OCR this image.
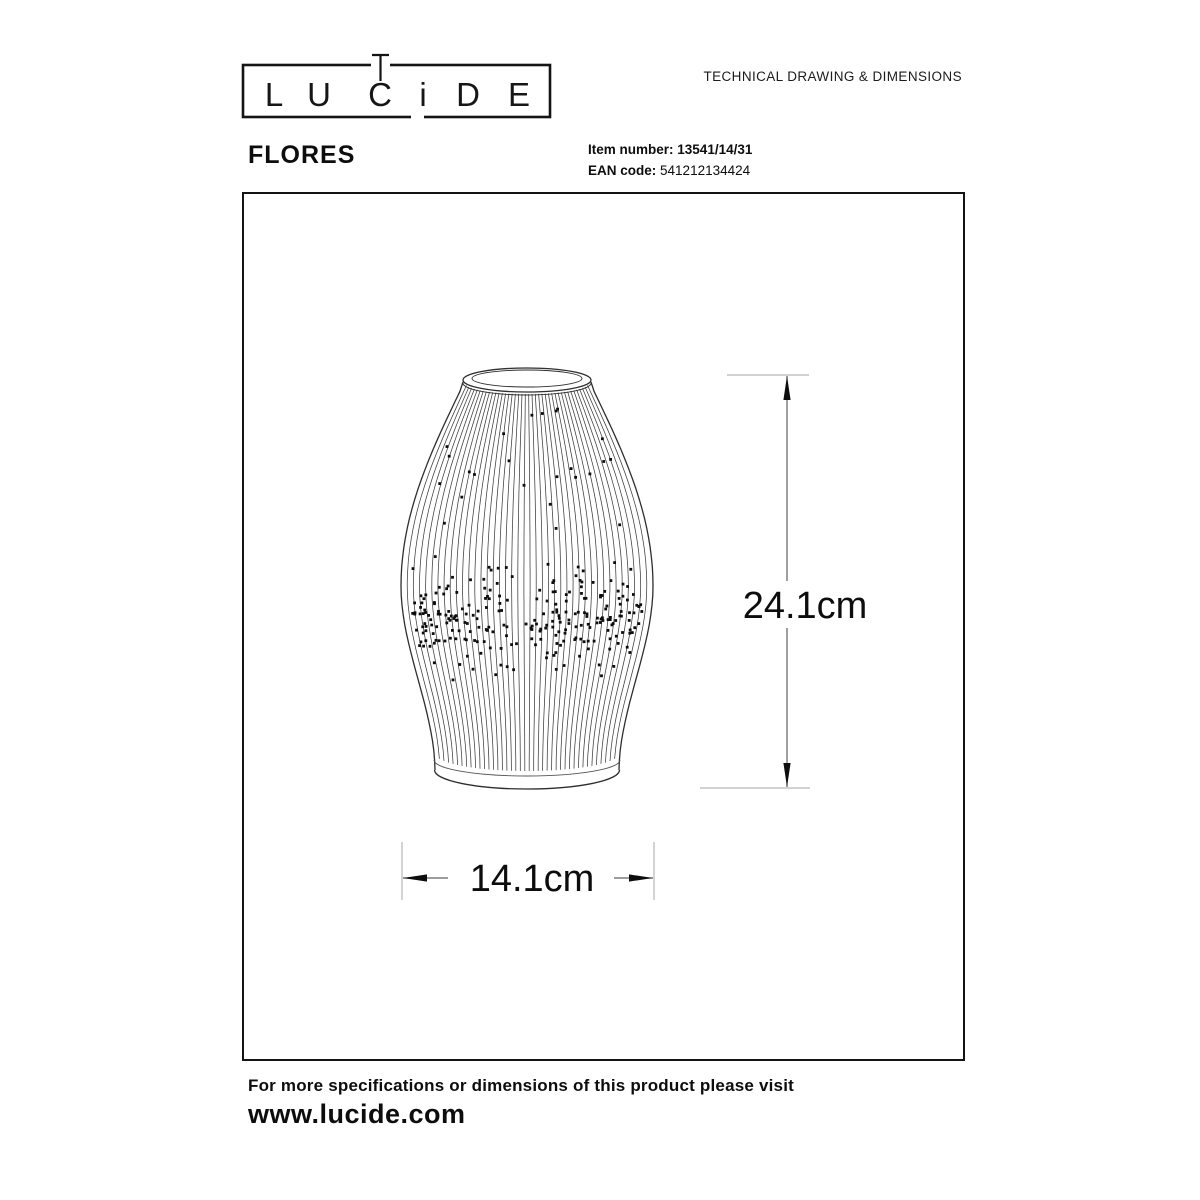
L U C i D E	TECHNICAL DRAWING & DIMENSIONS
FLORES	Item number: 13541/14/31
EAN code: 541212134424
24.1cm
14.1cm
For more specifications or dimensions of this product please visit
www.lucide.com
